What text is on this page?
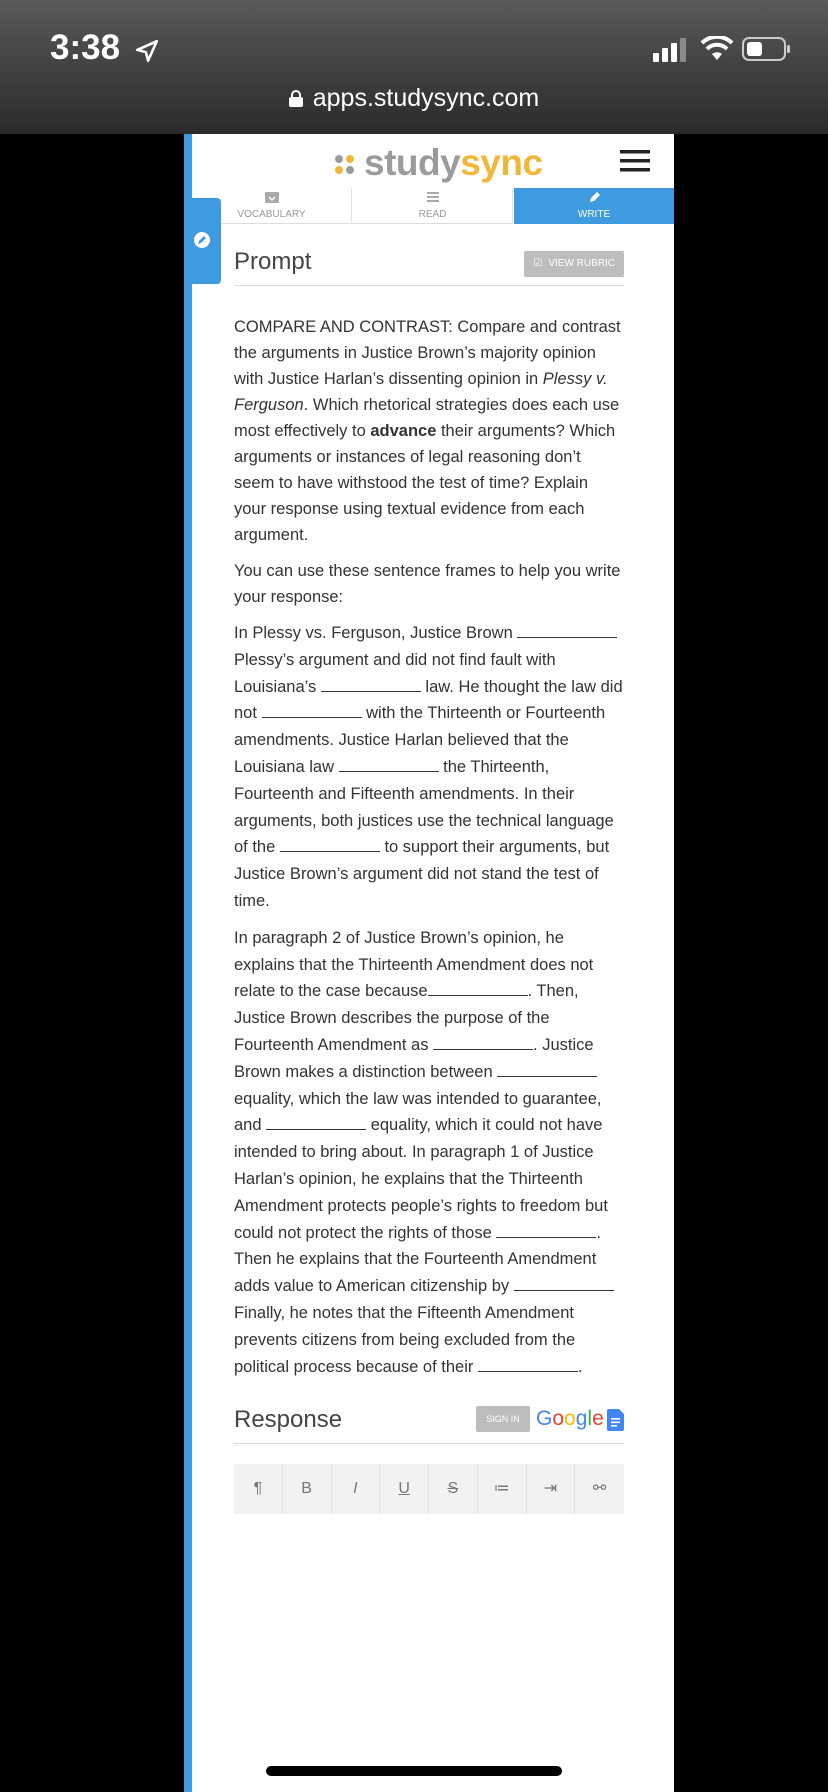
3:38
apps.studysync.com
studysync
VOCABULARY	READ	WRITE
Prompt	☑ VIEW RUBRIC

COMPARE AND CONTRAST: Compare and contrast the arguments in Justice Brown’s majority opinion with Justice Harlan’s dissenting opinion in Plessy v. Ferguson. Which rhetorical strategies does each use most effectively to advance their arguments? Which arguments or instances of legal reasoning don’t seem to have withstood the test of time? Explain your response using textual evidence from each argument.

You can use these sentence frames to help you write your response:

In Plessy vs. Ferguson, Justice Brown  Plessy’s argument and did not find fault with Louisiana’s	law. He thought the law did not	with the Thirteenth or Fourteenth amendments. Justice Harlan believed that the Louisiana law	the Thirteenth, Fourteenth and Fifteenth amendments. In their arguments, both justices use the technical language of the	to support their arguments, but Justice Brown’s argument did not stand the test of time.

In paragraph 2 of Justice Brown’s opinion, he explains that the Thirteenth Amendment does not relate to the case because	. Then, Justice Brown describes the purpose of the Fourteenth Amendment as	. Justice Brown makes a distinction between  equality, which the law was intended to guarantee, and	equality, which it could not have intended to bring about. In paragraph 1 of Justice Harlan’s opinion, he explains that the Thirteenth Amendment protects people’s rights to freedom but could not protect the rights of those	. Then he explains that the Fourteenth Amendment adds value to American citizenship by  Finally, he notes that the Fifteenth Amendment prevents citizens from being excluded from the political process because of their	.

Response	SIGN IN Google
¶	B	I	U	S	≔	⇥	⚯
